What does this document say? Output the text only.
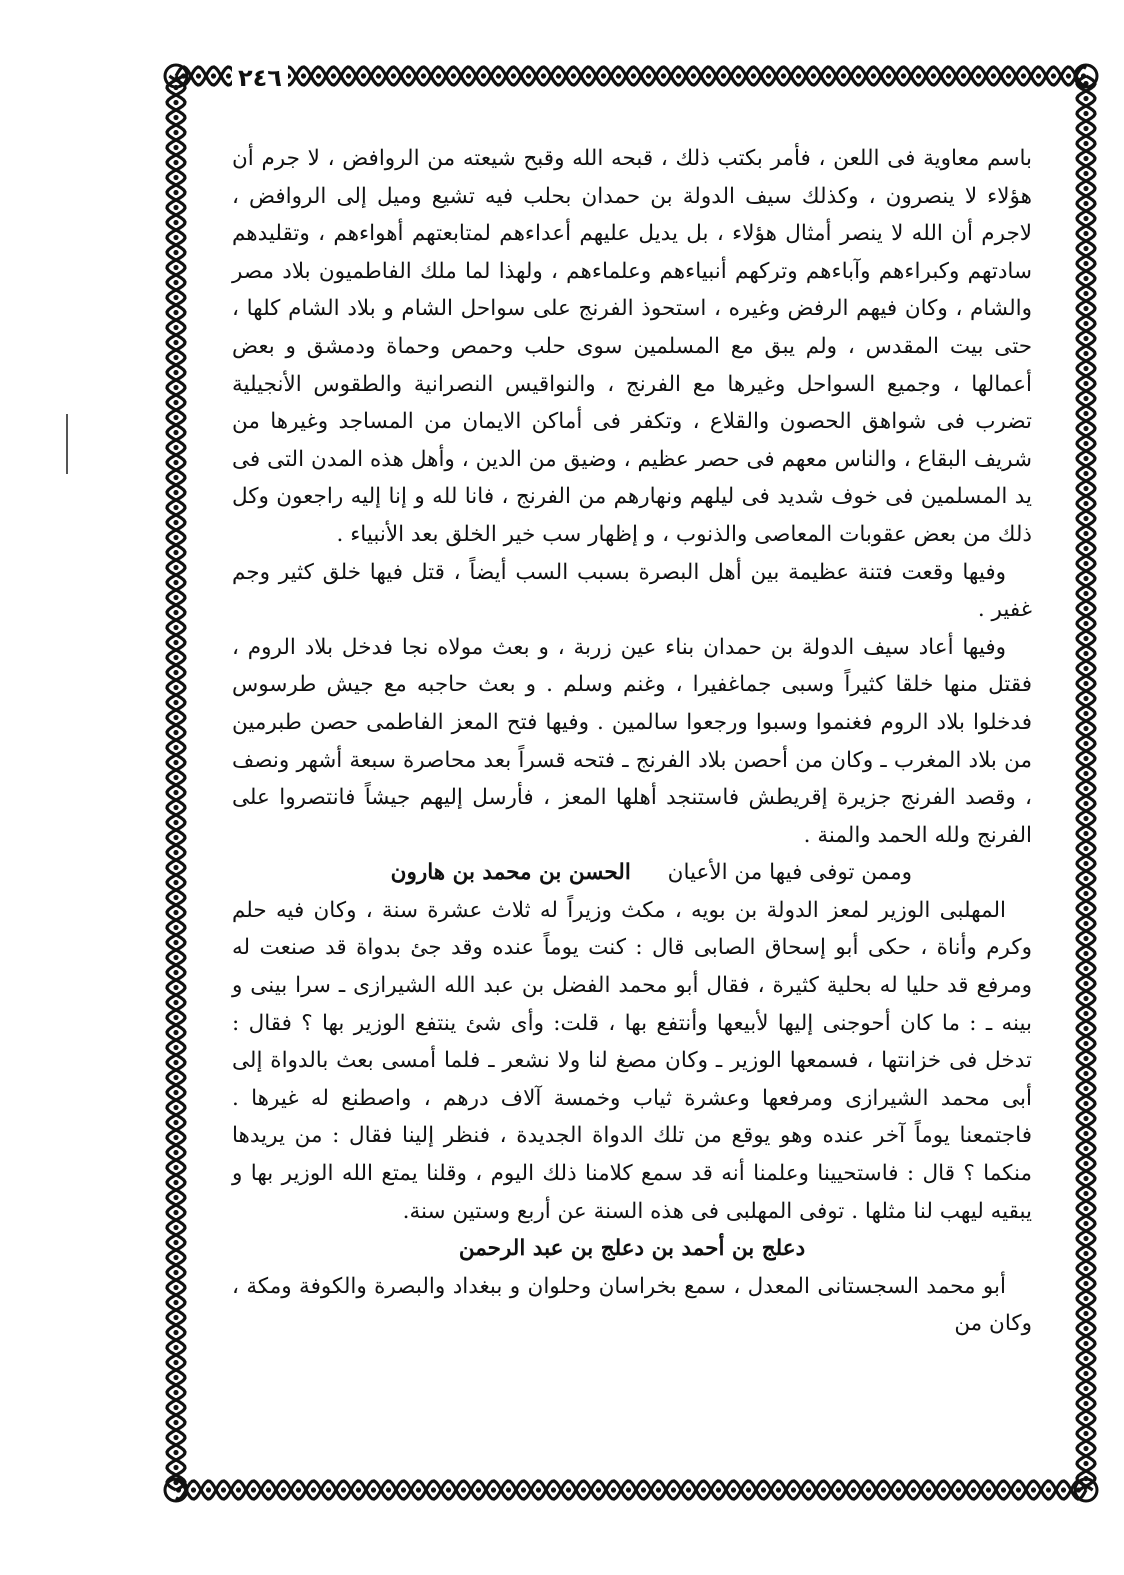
٢٤٦

باسم معاوية فى اللعن ، فأمر بكتب ذلك ، قبحه الله وقبح شيعته من الروافض ، لا جرم أن هؤلاء لا ينصرون ، وكذلك سيف الدولة بن حمدان بحلب فيه تشيع وميل إلى الروافض ، لاجرم أن الله لا ينصر أمثال هؤلاء ، بل يديل عليهم أعداءهم لمتابعتهم أهواءهم ، وتقليدهم سادتهم وكبراءهم وآباءهم وتركهم أنبياءهم وعلماءهم ، ولهذا لما ملك الفاطميون بلاد مصر والشام ، وكان فيهم الرفض وغيره ، استحوذ الفرنج على سواحل الشام و بلاد الشام كلها ، حتى بيت المقدس ، ولم يبق مع المسلمين سوى حلب وحمص وحماة ودمشق و بعض أعمالها ، وجميع السواحل وغيرها مع الفرنج ، والنواقيس النصرانية والطقوس الأنجيلية تضرب فى شواهق الحصون والقلاع ، وتكفر فى أماكن الايمان من المساجد وغيرها من شريف البقاع ، والناس معهم فى حصر عظيم ، وضيق من الدين ، وأهل هذه المدن التى فى يد المسلمين فى خوف شديد فى ليلهم ونهارهم من الفرنج ، فانا لله و إنا إليه راجعون وكل ذلك من بعض عقوبات المعاصى والذنوب ، و إظهار سب خير الخلق بعد الأنبياء .

وفيها وقعت فتنة عظيمة بين أهل البصرة بسبب السب أيضاً ، قتل فيها خلق كثير وجم غفير .

وفيها أعاد سيف الدولة بن حمدان بناء عين زربة ، و بعث مولاه نجا فدخل بلاد الروم ، فقتل منها خلقا كثيراً وسبى جماغفيرا ، وغنم وسلم . و بعث حاجبه مع جيش طرسوس فدخلوا بلاد الروم فغنموا وسبوا ورجعوا سالمين . وفيها فتح المعز الفاطمى حصن طبرمين من بلاد المغرب ـ وكان من أحصن بلاد الفرنج ـ فتحه قسراً بعد محاصرة سبعة أشهر ونصف ، وقصد الفرنج جزيرة إقريطش فاستنجد أهلها المعز ، فأرسل إليهم جيشاً فانتصروا على الفرنج ولله الحمد والمنة .

وممن توفى فيها من الأعيان الحسن بن محمد بن هارون

المهلبى الوزير لمعز الدولة بن بويه ، مكث وزيراً له ثلاث عشرة سنة ، وكان فيه حلم وكرم وأناة ، حكى أبو إسحاق الصابى قال : كنت يوماً عنده وقد جئ بدواة قد صنعت له ومرفع قد حليا له بحلية كثيرة ، فقال أبو محمد الفضل بن عبد الله الشيرازى ـ سرا بينى و بينه ـ : ما كان أحوجنى إليها لأبيعها وأنتفع بها ، قلت: وأى شئ ينتفع الوزير بها ؟ فقال : تدخل فى خزانتها ، فسمعها الوزير ـ وكان مصغ لنا ولا نشعر ـ فلما أمسى بعث بالدواة إلى أبى محمد الشيرازى ومرفعها وعشرة ثياب وخمسة آلاف درهم ، واصطنع له غيرها . فاجتمعنا يوماً آخر عنده وهو يوقع من تلك الدواة الجديدة ، فنظر إلينا فقال : من يريدها منكما ؟ قال : فاستحيينا وعلمنا أنه قد سمع كلامنا ذلك اليوم ، وقلنا يمتع الله الوزير بها و يبقيه ليهب لنا مثلها . توفى المهلبى فى هذه السنة عن أربع وستين سنة.

دعلج بن أحمد بن دعلج بن عبد الرحمن

أبو محمد السجستانى المعدل ، سمع بخراسان وحلوان و ببغداد والبصرة والكوفة ومكة ، وكان من
